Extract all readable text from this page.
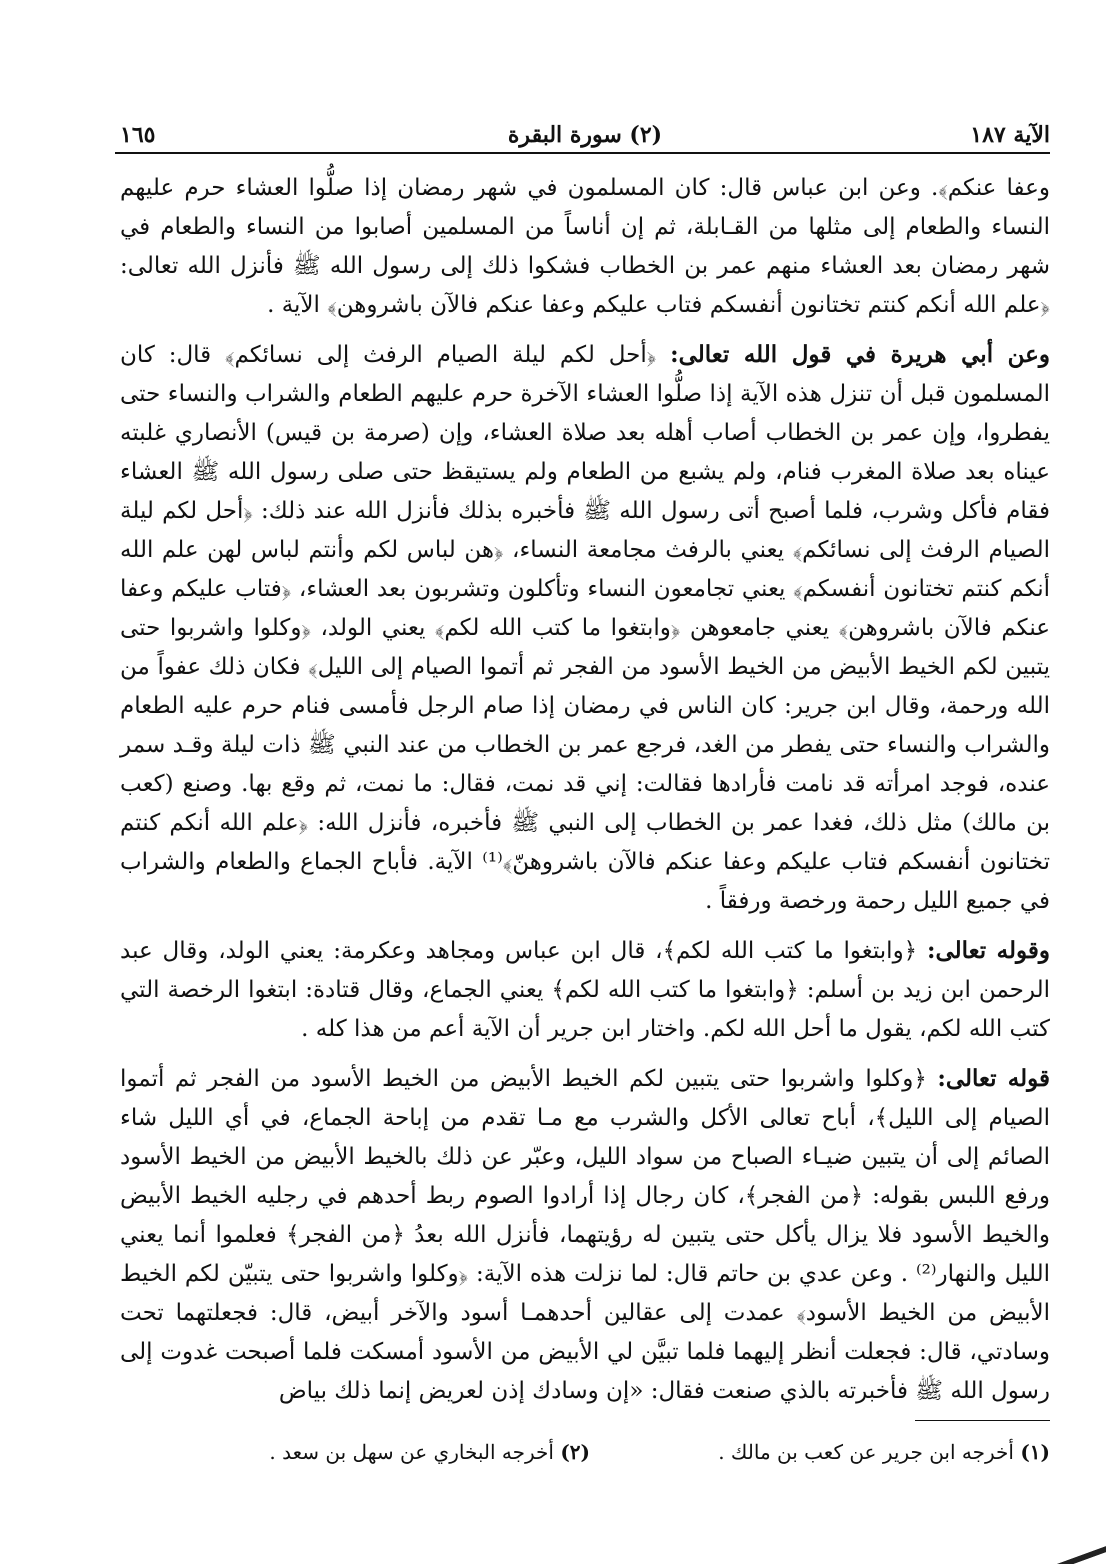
الآية ١٨٧
(٢) سورة البقرة
١٦٥

وعفا عنكم﴾. وعن ابن عباس قال: كان المسلمون في شهر رمضان إذا صلُّوا العشاء حرم عليهم النساء والطعام إلى مثلها من القـابلة، ثم إن أناساً من المسلمين أصابوا من النساء والطعام في شهر رمضان بعد العشاء منهم عمر بن الخطاب فشكوا ذلك إلى رسول الله ﷺ فأنزل الله تعالى: ﴿علم الله أنكم كنتم تختانون أنفسكم فتاب عليكم وعفا عنكم فالآن باشروهن﴾ الآية .

وعن أبي هريرة في قول الله تعالى: ﴿أحل لكم ليلة الصيام الرفث إلى نسائكم﴾ قال: كان المسلمون قبل أن تنزل هذه الآية إذا صلُّوا العشاء الآخرة حرم عليهم الطعام والشراب والنساء حتى يفطروا، وإن عمر بن الخطاب أصاب أهله بعد صلاة العشاء، وإن (صرمة بن قيس) الأنصاري غلبته عيناه بعد صلاة المغرب فنام، ولم يشبع من الطعام ولم يستيقظ حتى صلى رسول الله ﷺ العشاء فقام فأكل وشرب، فلما أصبح أتى رسول الله ﷺ فأخبره بذلك فأنزل الله عند ذلك: ﴿أحل لكم ليلة الصيام الرفث إلى نسائكم﴾ يعني بالرفث مجامعة النساء، ﴿هن لباس لكم وأنتم لباس لهن علم الله أنكم كنتم تختانون أنفسكم﴾ يعني تجامعون النساء وتأكلون وتشربون بعد العشاء، ﴿فتاب عليكم وعفا عنكم فالآن باشروهن﴾ يعني جامعوهن ﴿وابتغوا ما كتب الله لكم﴾ يعني الولد، ﴿وكلوا واشربوا حتى يتبين لكم الخيط الأبيض من الخيط الأسود من الفجر ثم أتموا الصيام إلى الليل﴾ فكان ذلك عفواً من الله ورحمة، وقال ابن جرير: كان الناس في رمضان إذا صام الرجل فأمسى فنام حرم عليه الطعام والشراب والنساء حتى يفطر من الغد، فرجع عمر بن الخطاب من عند النبي ﷺ ذات ليلة وقـد سمر عنده، فوجد امرأته قد نامت فأرادها فقالت: إني قد نمت، فقال: ما نمت، ثم وقع بها. وصنع (كعب بن مالك) مثل ذلك، فغدا عمر بن الخطاب إلى النبي ﷺ فأخبره، فأنزل الله: ﴿علم الله أنكم كنتم تختانون أنفسكم فتاب عليكم وعفا عنكم فالآن باشروهنّ﴾⁽¹⁾ الآية. فأباح الجماع والطعام والشراب في جميع الليل رحمة ورخصة ورفقاً .

وقوله تعالى: ﴿وابتغوا ما كتب الله لكم﴾، قال ابن عباس ومجاهد وعكرمة: يعني الولد، وقال عبد الرحمن ابن زيد بن أسلم: ﴿وابتغوا ما كتب الله لكم﴾ يعني الجماع، وقال قتادة: ابتغوا الرخصة التي كتب الله لكم، يقول ما أحل الله لكم. واختار ابن جرير أن الآية أعم من هذا كله .

قوله تعالى: ﴿وكلوا واشربوا حتى يتبين لكم الخيط الأبيض من الخيط الأسود من الفجر ثم أتموا الصيام إلى الليل﴾، أباح تعالى الأكل والشرب مع مـا تقدم من إباحة الجماع، في أي الليل شاء الصائم إلى أن يتبين ضيـاء الصباح من سواد الليل، وعبّر عن ذلك بالخيط الأبيض من الخيط الأسود ورفع اللبس بقوله: ﴿من الفجر﴾، كان رجال إذا أرادوا الصوم ربط أحدهم في رجليه الخيط الأبيض والخيط الأسود فلا يزال يأكل حتى يتبين له رؤيتهما، فأنزل الله بعدُ ﴿من الفجر﴾ فعلموا أنما يعني الليل والنهار⁽²⁾ . وعن عدي بن حاتم قال: لما نزلت هذه الآية: ﴿وكلوا واشربوا حتى يتبيّن لكم الخيط الأبيض من الخيط الأسود﴾ عمدت إلى عقالين أحدهمـا أسود والآخر أبيض، قال: فجعلتهما تحت وسادتي، قال: فجعلت أنظر إليهما فلما تبيَّن لي الأبيض من الأسود أمسكت فلما أصبحت غدوت إلى رسول الله ﷺ فأخبرته بالذي صنعت فقال: «إن وسادك إذن لعريض إنما ذلك بياض

(١) أخرجه ابن جرير عن كعب بن مالك .
(٢) أخرجه البخاري عن سهل بن سعد .
